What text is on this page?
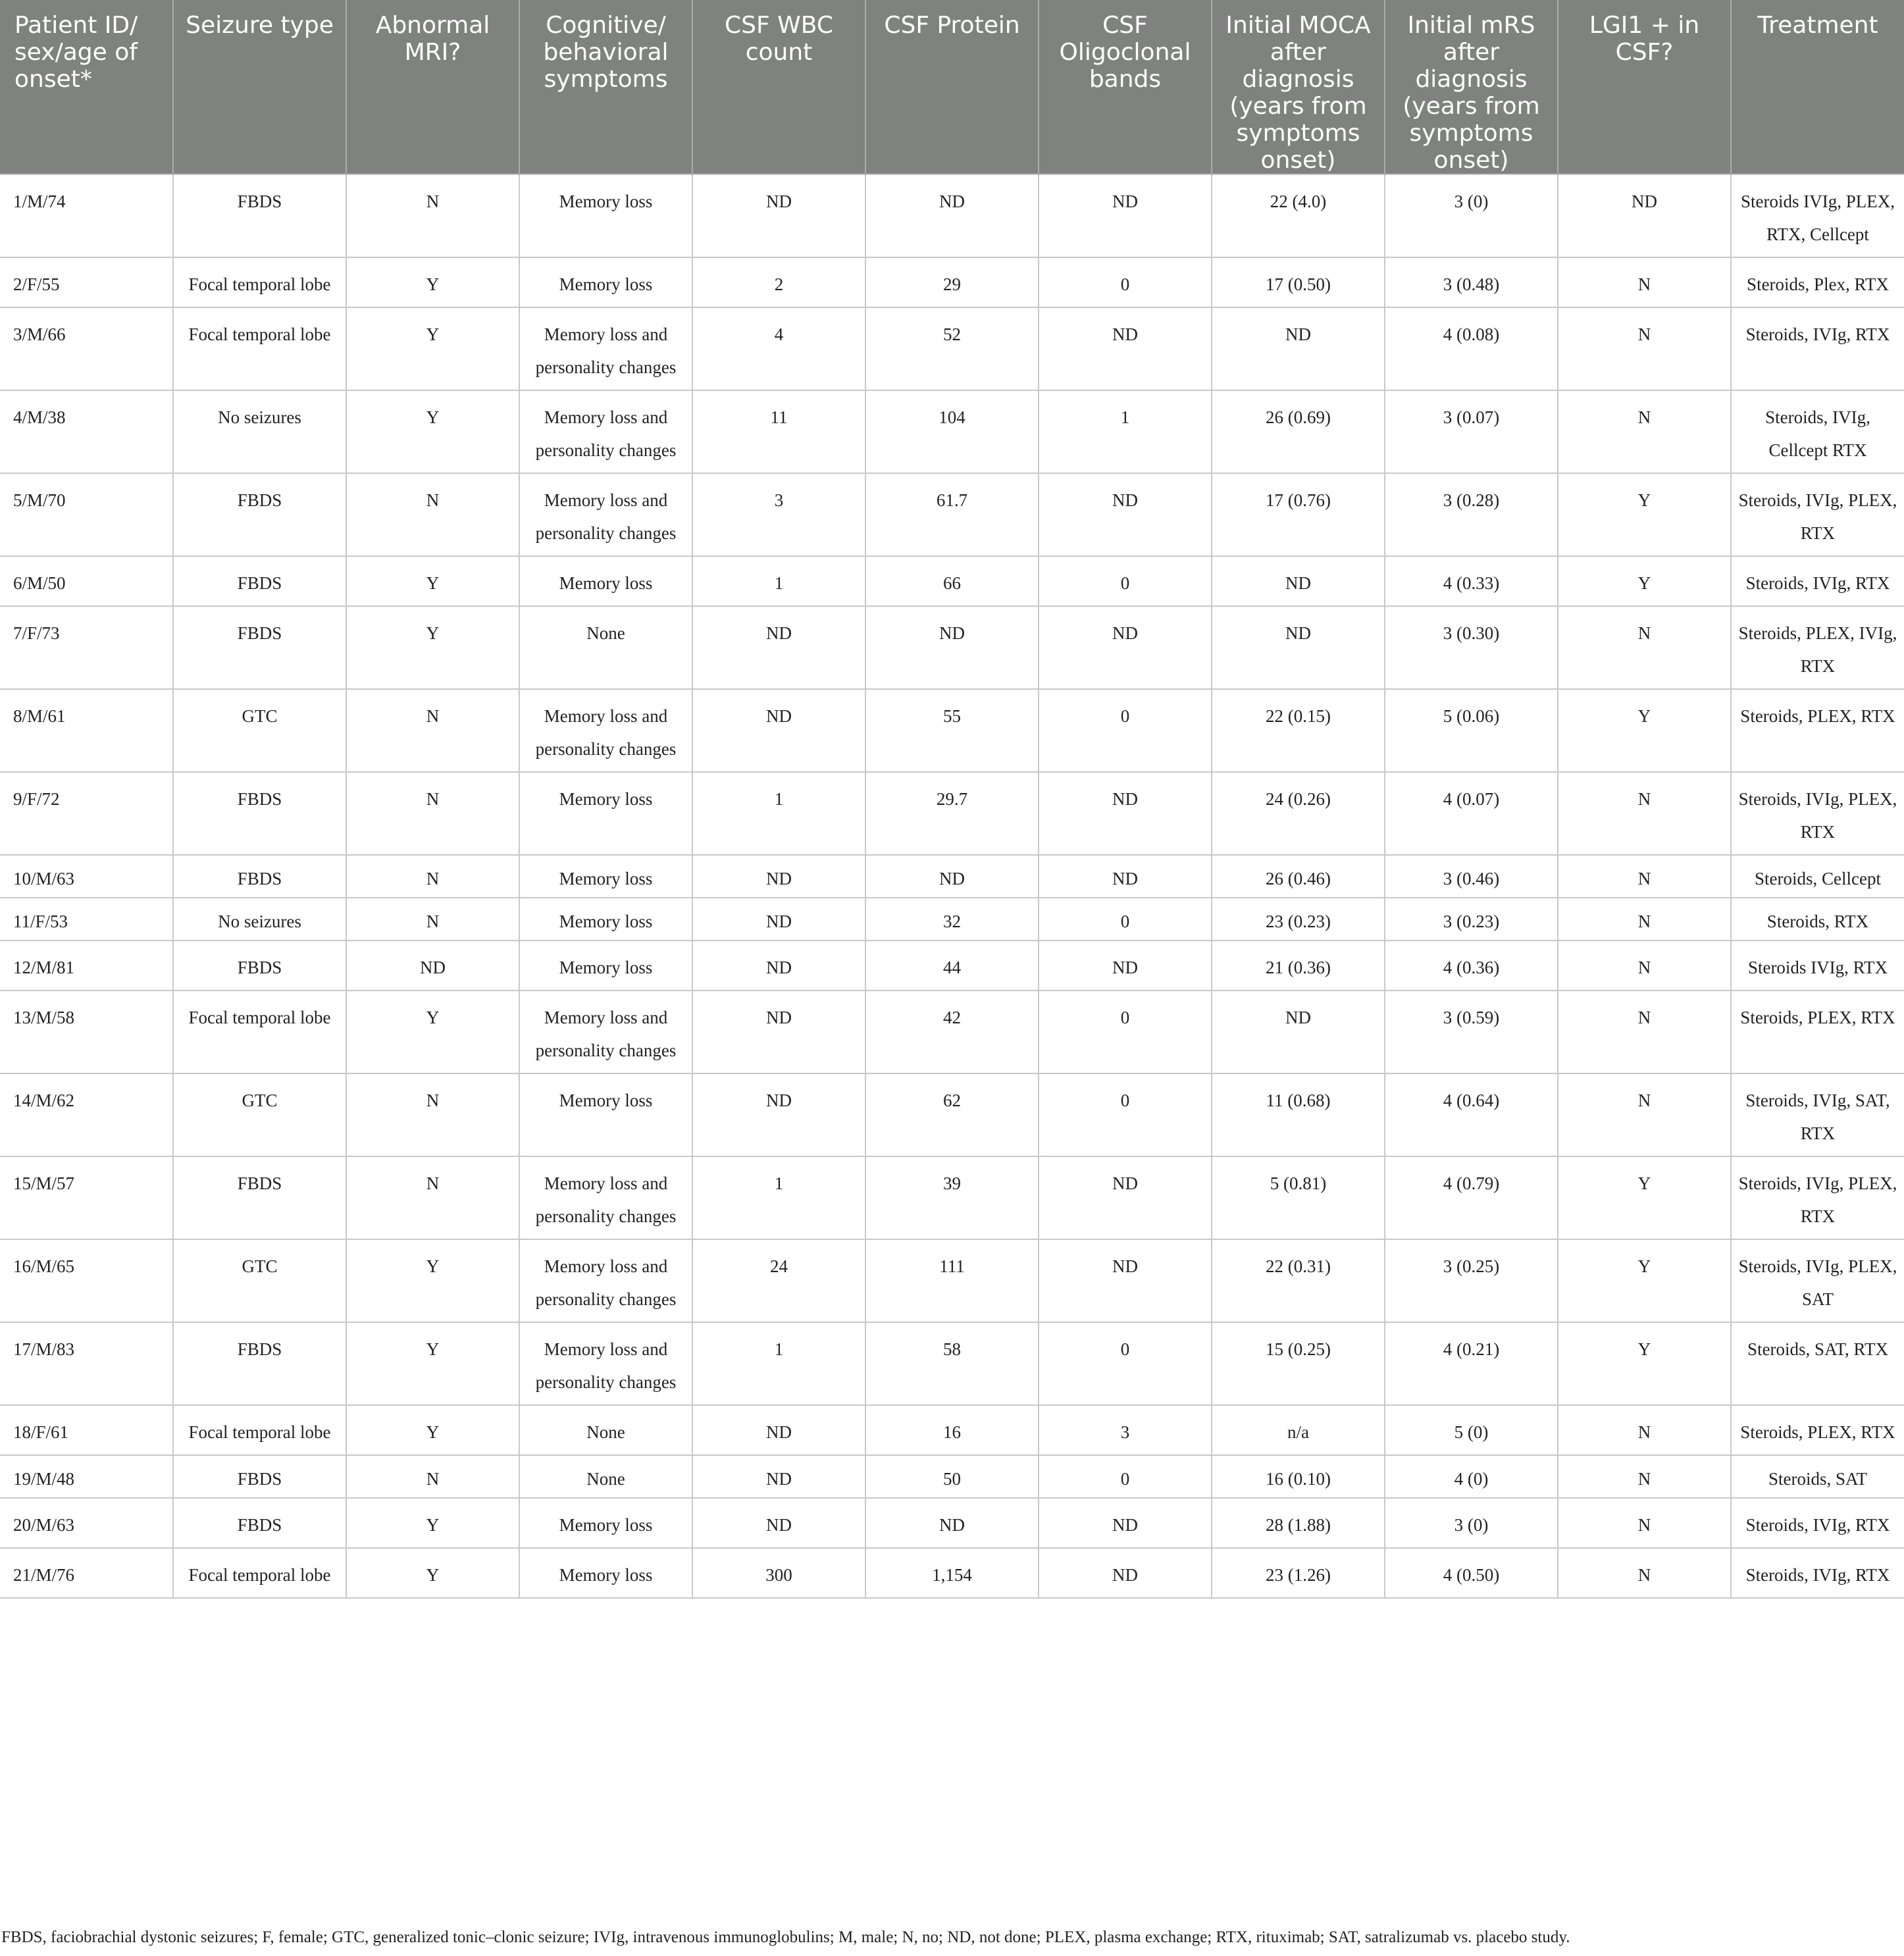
Patient ID/ sex/age of onset*	Seizure type	Abnormal MRI?	Cognitive/ behavioral symptoms	CSF WBC count	CSF Protein	CSF Oligoclonal bands	Initial MOCA after diagnosis (years from symptoms onset)	Initial mRS after diagnosis (years from symptoms onset)	LGI1 + in CSF?	Treatment
1/M/74	FBDS	N	Memory loss	ND	ND	ND	22 (4.0)	3 (0)	ND	Steroids IVIg, PLEX, RTX, Cellcept
2/F/55	Focal temporal lobe	Y	Memory loss	2	29	0	17 (0.50)	3 (0.48)	N	Steroids, Plex, RTX
3/M/66	Focal temporal lobe	Y	Memory loss and personality changes	4	52	ND	ND	4 (0.08)	N	Steroids, IVIg, RTX
4/M/38	No seizures	Y	Memory loss and personality changes	11	104	1	26 (0.69)	3 (0.07)	N	Steroids, IVIg, Cellcept RTX
5/M/70	FBDS	N	Memory loss and personality changes	3	61.7	ND	17 (0.76)	3 (0.28)	Y	Steroids, IVIg, PLEX, RTX
6/M/50	FBDS	Y	Memory loss	1	66	0	ND	4 (0.33)	Y	Steroids, IVIg, RTX
7/F/73	FBDS	Y	None	ND	ND	ND	ND	3 (0.30)	N	Steroids, PLEX, IVIg, RTX
8/M/61	GTC	N	Memory loss and personality changes	ND	55	0	22 (0.15)	5 (0.06)	Y	Steroids, PLEX, RTX
9/F/72	FBDS	N	Memory loss	1	29.7	ND	24 (0.26)	4 (0.07)	N	Steroids, IVIg, PLEX, RTX
10/M/63	FBDS	N	Memory loss	ND	ND	ND	26 (0.46)	3 (0.46)	N	Steroids, Cellcept
11/F/53	No seizures	N	Memory loss	ND	32	0	23 (0.23)	3 (0.23)	N	Steroids, RTX
12/M/81	FBDS	ND	Memory loss	ND	44	ND	21 (0.36)	4 (0.36)	N	Steroids IVIg, RTX
13/M/58	Focal temporal lobe	Y	Memory loss and personality changes	ND	42	0	ND	3 (0.59)	N	Steroids, PLEX, RTX
14/M/62	GTC	N	Memory loss	ND	62	0	11 (0.68)	4 (0.64)	N	Steroids, IVIg, SAT, RTX
15/M/57	FBDS	N	Memory loss and personality changes	1	39	ND	5 (0.81)	4 (0.79)	Y	Steroids, IVIg, PLEX, RTX
16/M/65	GTC	Y	Memory loss and personality changes	24	111	ND	22 (0.31)	3 (0.25)	Y	Steroids, IVIg, PLEX, SAT
17/M/83	FBDS	Y	Memory loss and personality changes	1	58	0	15 (0.25)	4 (0.21)	Y	Steroids, SAT, RTX
18/F/61	Focal temporal lobe	Y	None	ND	16	3	n/a	5 (0)	N	Steroids, PLEX, RTX
19/M/48	FBDS	N	None	ND	50	0	16 (0.10)	4 (0)	N	Steroids, SAT
20/M/63	FBDS	Y	Memory loss	ND	ND	ND	28 (1.88)	3 (0)	N	Steroids, IVIg, RTX
21/M/76	Focal temporal lobe	Y	Memory loss	300	1,154	ND	23 (1.26)	4 (0.50)	N	Steroids, IVIg, RTX
FBDS, faciobrachial dystonic seizures; F, female; GTC, generalized tonic–clonic seizure; IVIg, intravenous immunoglobulins; M, male; N, no; ND, not done; PLEX, plasma exchange; RTX, rituximab; SAT, satralizumab vs. placebo study.
